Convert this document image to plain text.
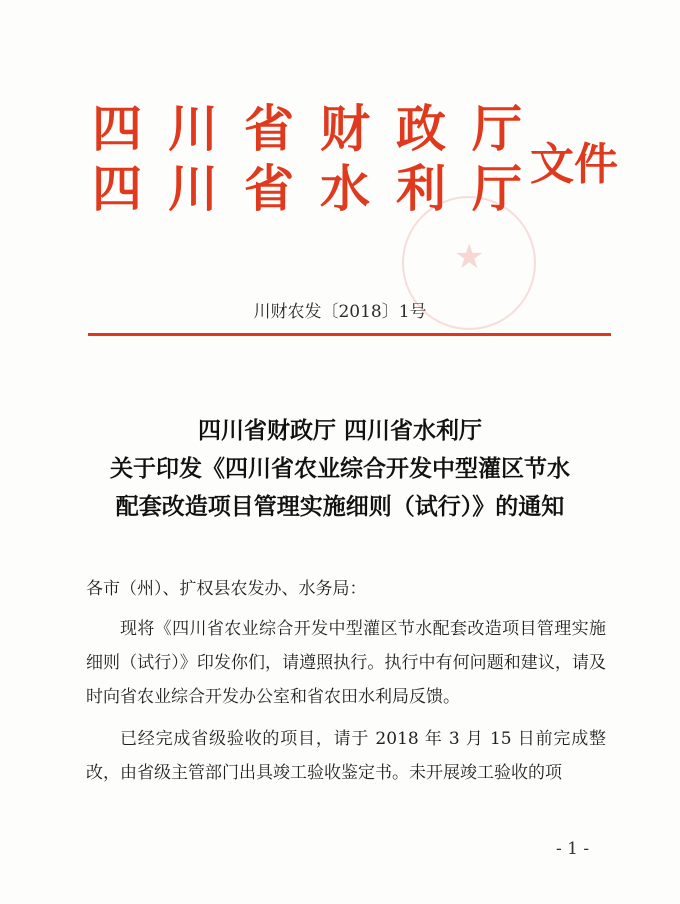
四川省财政厅
四川省水利厅
文件
★
川财农发〔2018〕1号
四川省财政厅 四川省水利厅
关于印发《四川省农业综合开发中型灌区节水
配套改造项目管理实施细则（试行）》的通知
各市（州）、扩权县农发办、水务局：
现将《四川省农业综合开发中型灌区节水配套改造项目管理实施细则（试行）》印发你们，请遵照执行。执行中有何问题和建议，请及时向省农业综合开发办公室和省农田水利局反馈。
已经完成省级验收的项目，请于 2018 年 3 月 15 日前完成整改，由省级主管部门出具竣工验收鉴定书。未开展竣工验收的项
- 1 -
